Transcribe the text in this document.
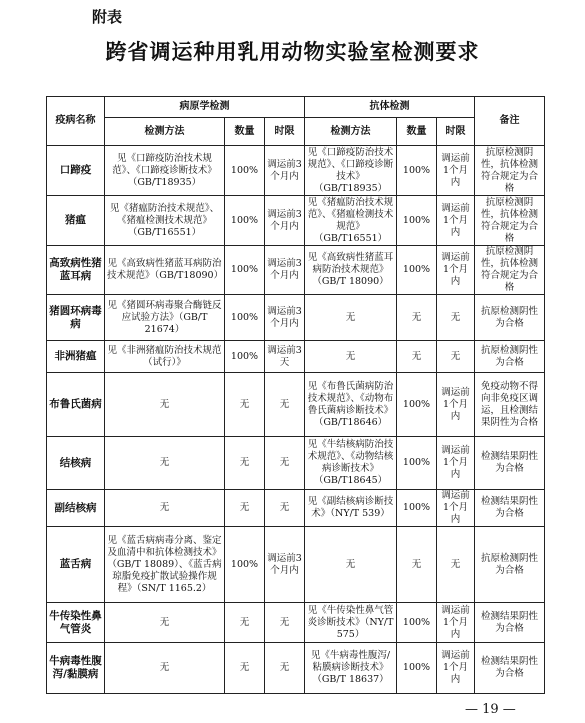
附表
跨省调运种用乳用动物实验室检测要求
疫病名称	病原学检测			抗体检测			备注
	检测方法	数量	时限	检测方法	数量	时限	
口蹄疫	见《口蹄疫防治技术规范》、《口蹄疫诊断技术》（GB/T18935）	100%	调运前3个月内	见《口蹄疫防治技术规范》、《口蹄疫诊断技术》（GB/T18935）	100%	调运前1个月内	抗原检测阴性，抗体检测符合规定为合格
猪瘟	见《猪瘟防治技术规范》、《猪瘟检测技术规范》（GB/T16551）	100%	调运前3个月内	见《猪瘟防治技术规范》、《猪瘟检测技术规范》（GB/T16551）	100%	调运前1个月内	抗原检测阴性，抗体检测符合规定为合格
高致病性猪蓝耳病	见《高致病性猪蓝耳病防治技术规范》（GB/T18090）	100%	调运前3个月内	见《高致病性猪蓝耳病防治技术规范》（GB/T 18090）	100%	调运前1个月内	抗原检测阴性，抗体检测符合规定为合格
猪圆环病毒病	见《猪圆环病毒聚合酶链反应试验方法》（GB/T 21674）	100%	调运前3个月内	无	无	无	抗原检测阴性为合格
非洲猪瘟	见《非洲猪瘟防治技术规范（试行）》	100%	调运前3天	无	无	无	抗原检测阴性为合格
布鲁氏菌病	无	无	无	见《布鲁氏菌病防治技术规范》、《动物布鲁氏菌病诊断技术》（GB/T18646）	100%	调运前1个月内	免疫动物不得向非免疫区调运，且检测结果阴性为合格
结核病	无	无	无	见《牛结核病防治技术规范》、《动物结核病诊断技术》（GB/T18645）	100%	调运前1个月内	检测结果阴性为合格
副结核病	无	无	无	见《副结核病诊断技术》（NY/T 539）	100%	调运前1个月内	检测结果阴性为合格
蓝舌病	见《蓝舌病病毒分离、鉴定及血清中和抗体检测技术》（GB/T 18089）、《蓝舌病琼脂免疫扩散试验操作规程》（SN/T 1165.2）	100%	调运前3个月内	无	无	无	抗原检测阴性为合格
牛传染性鼻气管炎	无	无	无	见《牛传染性鼻气管炎诊断技术》（NY/T 575）	100%	调运前1个月内	检测结果阴性为合格
牛病毒性腹泻/黏膜病	无	无	无	见《牛病毒性腹泻/粘膜病诊断技术》（GB/T 18637）	100%	调运前1个月内	检测结果阴性为合格
— 19 —
